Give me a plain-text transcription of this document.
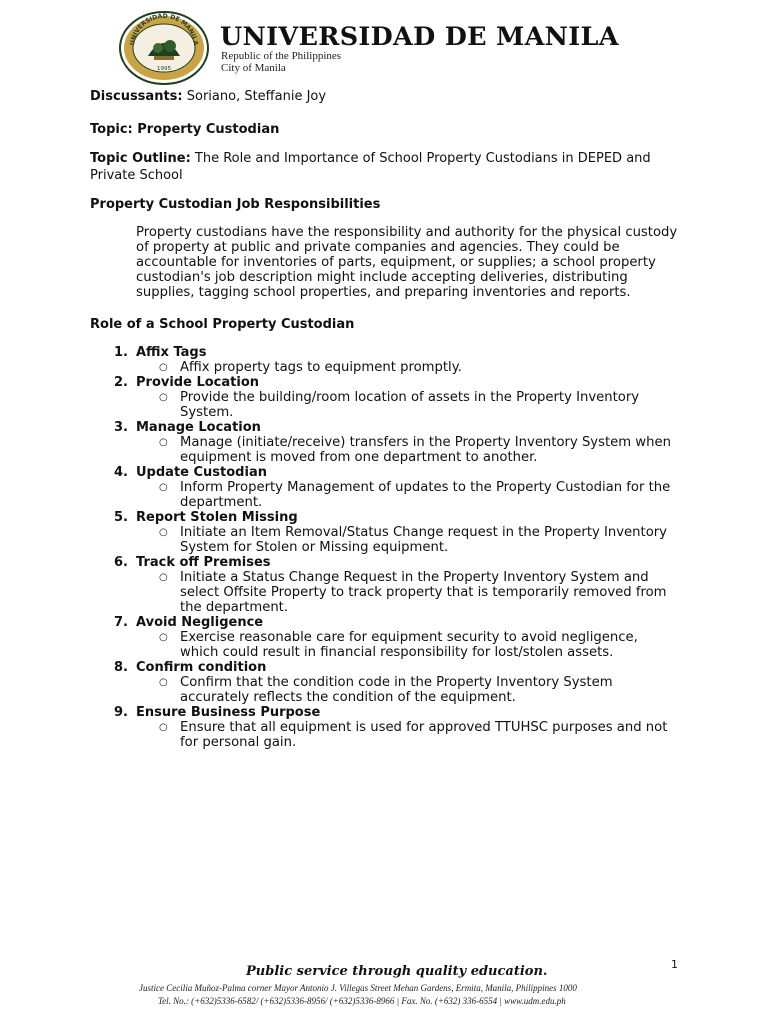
UNIVERSIDAD DE MANILA
1995
UNIVERSIDAD DE MANILA
Republic of the Philippines
City of Manila

Discussants: Soriano, Steffanie Joy

Topic: Property Custodian

Topic Outline: The Role and Importance of School Property Custodians in DEPED and Private School

Property Custodian Job Responsibilities

Property custodians have the responsibility and authority for the physical custody of property at public and private companies and agencies. They could be accountable for inventories of parts, equipment, or supplies; a school property custodian's job description might include accepting deliveries, distributing supplies, tagging school properties, and preparing inventories and reports.

Role of a School Property Custodian

1. Affix Tags
○ Affix property tags to equipment promptly.
2. Provide Location
○ Provide the building/room location of assets in the Property Inventory System.
3. Manage Location
○ Manage (initiate/receive) transfers in the Property Inventory System when equipment is moved from one department to another.
4. Update Custodian
○ Inform Property Management of updates to the Property Custodian for the department.
5. Report Stolen Missing
○ Initiate an Item Removal/Status Change request in the Property Inventory System for Stolen or Missing equipment.
6. Track off Premises
○ Initiate a Status Change Request in the Property Inventory System and select Offsite Property to track property that is temporarily removed from the department.
7. Avoid Negligence
○ Exercise reasonable care for equipment security to avoid negligence, which could result in financial responsibility for lost/stolen assets.
8. Confirm condition
○ Confirm that the condition code in the Property Inventory System accurately reflects the condition of the equipment.
9. Ensure Business Purpose
○ Ensure that all equipment is used for approved TTUHSC purposes and not for personal gain.
1
Public service through quality education.
Justice Cecilia Muñoz-Palma corner Mayor Antonio J. Villegas Street Mehan Gardens, Ermita, Manila, Philippines 1000
Tel. No.: (+632)5336-6582/ (+632)5336-8956/ (+632)5336-8966 | Fax. No. (+632) 336-6554 | www.udm.edu.ph
